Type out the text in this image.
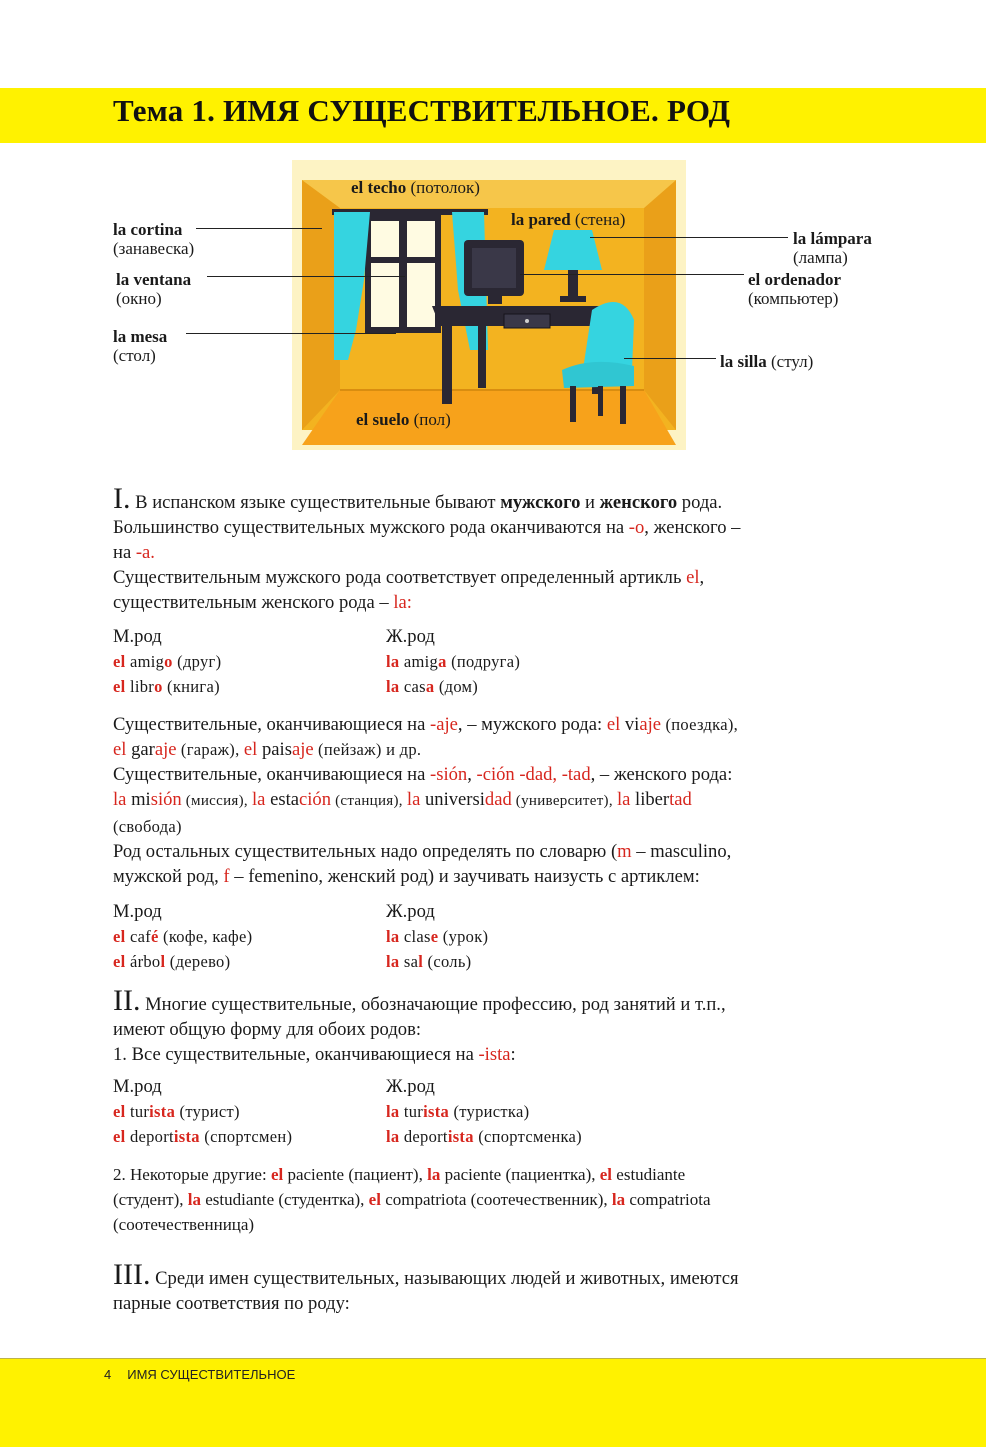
Тема 1. ИМЯ СУЩЕСТВИТЕЛЬНОЕ. РОД
el techo (потолок)
la cortina
(занавеска)
la pared (стена)
la lámpara
(лампа)
la ventana
(окно)
el ordenador
(компьютер)
la mesa
(стол)	la silla (стул)
el suelo (пол)

I. В испанском языке существительные бывают мужского и женского рода.

Большинство существительных мужского рода оканчиваются на -о, женского –

на -а.

Существительным мужского рода соответствует определенный артикль el,

существительным женского рода – la:

М.род	Ж.род
el amigo (друг)	la amiga (подруга)
el libro (книга)	la casa (дом)

Существительные, оканчивающиеся на -aje, – мужского рода: el viaje (поездка),

el garaje (гараж), el paisaje (пейзаж) и др.

Существительные, оканчивающиеся на -sión, -ción -dad, -tad, – женского рода:

la misión (миссия), la estación (станция), la universidad (университет), la libertad

(свобода)

Род остальных существительных надо определять по словарю (m – masculino,

мужской род, f – femenino, женский род) и заучивать наизусть с артиклем:

М.род	Ж.род
el café (кофе, кафе)	la clase (урок)
el árbol (дерево)	la sal (соль)

II. Многие существительные, обозначающие профессию, род занятий и т.п.,

имеют общую форму для обоих родов:

1. Все существительные, оканчивающиеся на -ista:

М.род	Ж.род
el turista (турист)	la turista (туристка)
el deportista (спортсмен)	la deportista (спортсменка)

2. Некоторые другие: el paciente (пациент), la paciente (пациентка), el estudiante

(студент), la estudiante (студентка), el compatriota (соотечественник), la compatriota

(соотечественница)

III. Среди имен существительных, называющих людей и животных, имеются

парные соответствия по роду:

4 ИМЯ СУЩЕСТВИТЕЛЬНОЕ
